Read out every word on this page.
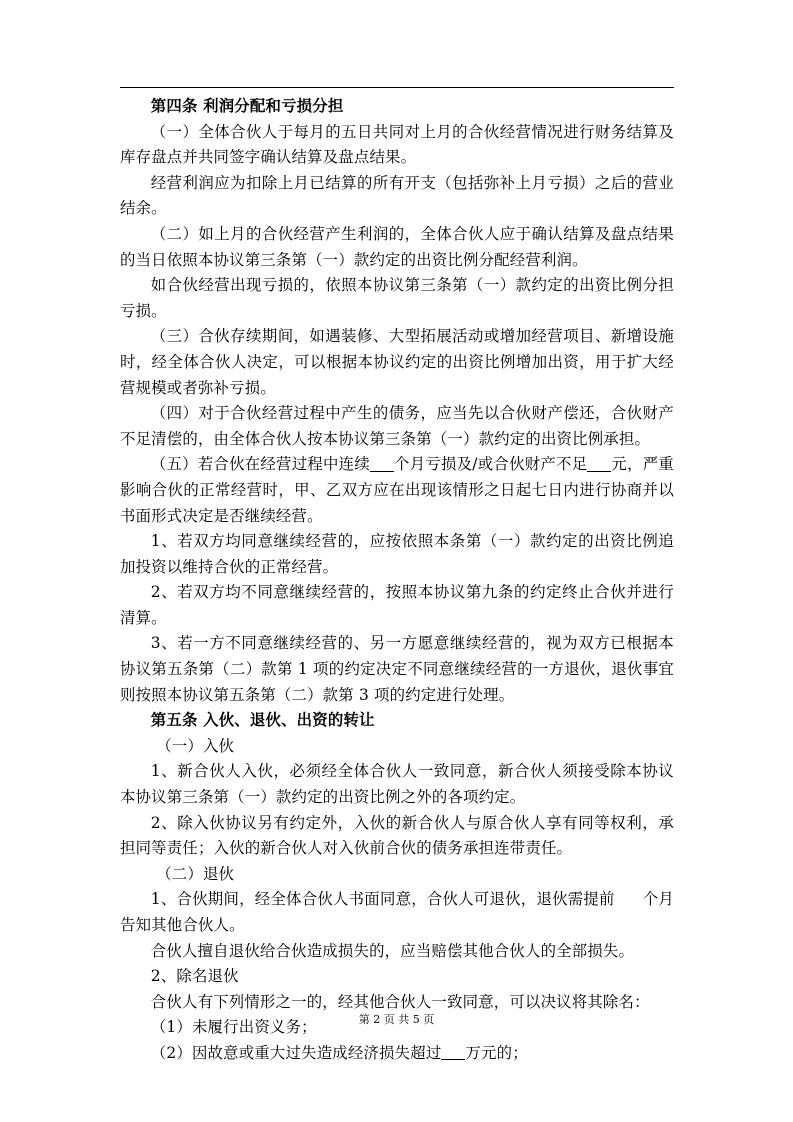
第四条 利润分配和亏损分担

（一）全体合伙人于每月的五日共同对上月的合伙经营情况进行财务结算及库存盘点并共同签字确认结算及盘点结果。

经营利润应为扣除上月已结算的所有开支（包括弥补上月亏损）之后的营业结余。

（二）如上月的合伙经营产生利润的，全体合伙人应于确认结算及盘点结果的当日依照本协议第三条第（一）款约定的出资比例分配经营利润。

如合伙经营出现亏损的，依照本协议第三条第（一）款约定的出资比例分担亏损。

（三）合伙存续期间，如遇装修、大型拓展活动或增加经营项目、新增设施时，经全体合伙人决定，可以根据本协议约定的出资比例增加出资，用于扩大经营规模或者弥补亏损。

（四）对于合伙经营过程中产生的债务，应当先以合伙财产偿还，合伙财产不足清偿的，由全体合伙人按本协议第三条第（一）款约定的出资比例承担。

（五）若合伙在经营过程中连续 个月亏损及/或合伙财产不足 元，严重影响合伙的正常经营时，甲、乙双方应在出现该情形之日起七日内进行协商并以书面形式决定是否继续经营。

1、若双方均同意继续经营的，应按依照本条第（一）款约定的出资比例追加投资以维持合伙的正常经营。

2、若双方均不同意继续经营的，按照本协议第九条的约定终止合伙并进行清算。

3、若一方不同意继续经营的、另一方愿意继续经营的，视为双方已根据本协议第五条第（二）款第 1 项的约定决定不同意继续经营的一方退伙，退伙事宜则按照本协议第五条第（二）款第 3 项的约定进行处理。

第五条 入伙、退伙、出资的转让

（一）入伙

1、新合伙人入伙，必须经全体合伙人一致同意，新合伙人须接受除本协议本协议第三条第（一）款约定的出资比例之外的各项约定。

2、除入伙协议另有约定外，入伙的新合伙人与原合伙人享有同等权利，承担同等责任；入伙的新合伙人对入伙前合伙的债务承担连带责任。

（二）退伙

1、合伙期间，经全体合伙人书面同意，合伙人可退伙，退伙需提前 个月告知其他合伙人。

合伙人擅自退伙给合伙造成损失的，应当赔偿其他合伙人的全部损失。

2、除名退伙

合伙人有下列情形之一的，经其他合伙人一致同意，可以决议将其除名：

（1）未履行出资义务；

（2）因故意或重大过失造成经济损失超过 万元的；

第 2 页 共 5 页
